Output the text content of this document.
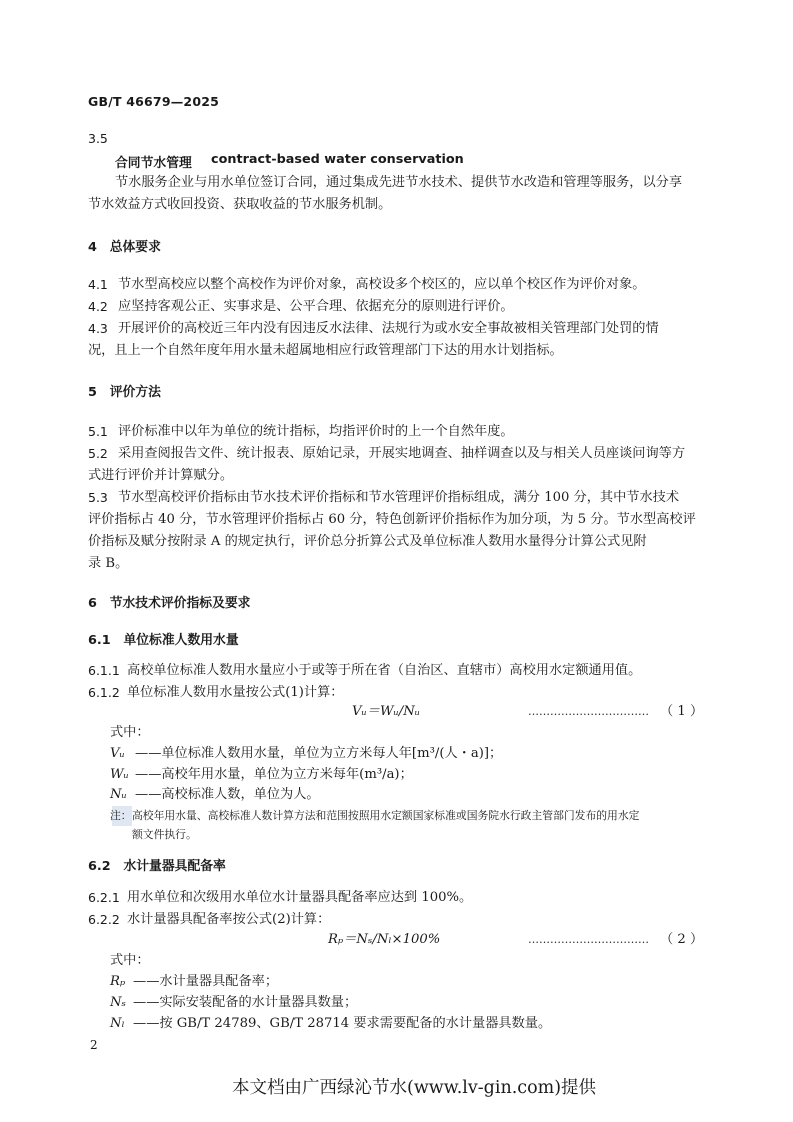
GB/T 46679—2025
3.5
合同节水管理 contract-based water conservation
节水服务企业与用水单位签订合同，通过集成先进节水技术、提供节水改造和管理等服务，以分享
节水效益方式收回投资、获取收益的节水服务机制。
4　总体要求
4.1 节水型高校应以整个高校作为评价对象，高校设多个校区的，应以单个校区作为评价对象。
4.2 应坚持客观公正、实事求是、公平合理、依据充分的原则进行评价。
4.3 开展评价的高校近三年内没有因违反水法律、法规行为或水安全事故被相关管理部门处罚的情
况，且上一个自然年度年用水量未超属地相应行政管理部门下达的用水计划指标。
5　评价方法
5.1 评价标准中以年为单位的统计指标，均指评价时的上一个自然年度。
5.2 采用查阅报告文件、统计报表、原始记录，开展实地调查、抽样调查以及与相关人员座谈问询等方
式进行评价并计算赋分。
5.3 节水型高校评价指标由节水技术评价指标和节水管理评价指标组成，满分 100 分，其中节水技术
评价指标占 40 分，节水管理评价指标占 60 分，特色创新评价指标作为加分项，为 5 分。节水型高校评
价指标及赋分按附录 A 的规定执行，评价总分折算公式及单位标准人数用水量得分计算公式见附
录 B。
6　节水技术评价指标及要求
6.1　单位标准人数用水量
6.1.1 高校单位标准人数用水量应小于或等于所在省（自治区、直辖市）高校用水定额通用值。
6.1.2 单位标准人数用水量按公式(1)计算：
Vᵤ＝Wᵤ/Nᵤ	…………………………… （ 1 ）
式中：
Vᵤ ——单位标准人数用水量，单位为立方米每人年[m³/(人・a)]；
Wᵤ ——高校年用水量，单位为立方米每年(m³/a)；
Nᵤ ——高校标准人数，单位为人。
注： 高校年用水量、高校标准人数计算方法和范围按照用水定额国家标准或国务院水行政主管部门发布的用水定
额文件执行。
6.2　水计量器具配备率
6.2.1 用水单位和次级用水单位水计量器具配备率应达到 100%。
6.2.2 水计量器具配备率按公式(2)计算：
Rₚ＝Nₛ/Nₗ×100%	…………………………… （ 2 ）
式中：
Rₚ ——水计量器具配备率；
Nₛ ——实际安装配备的水计量器具数量；
Nₗ ——按 GB/T 24789、GB/T 28714 要求需要配备的水计量器具数量。
2
本文档由广西绿沁节水(www.lv-gin.com)提供
